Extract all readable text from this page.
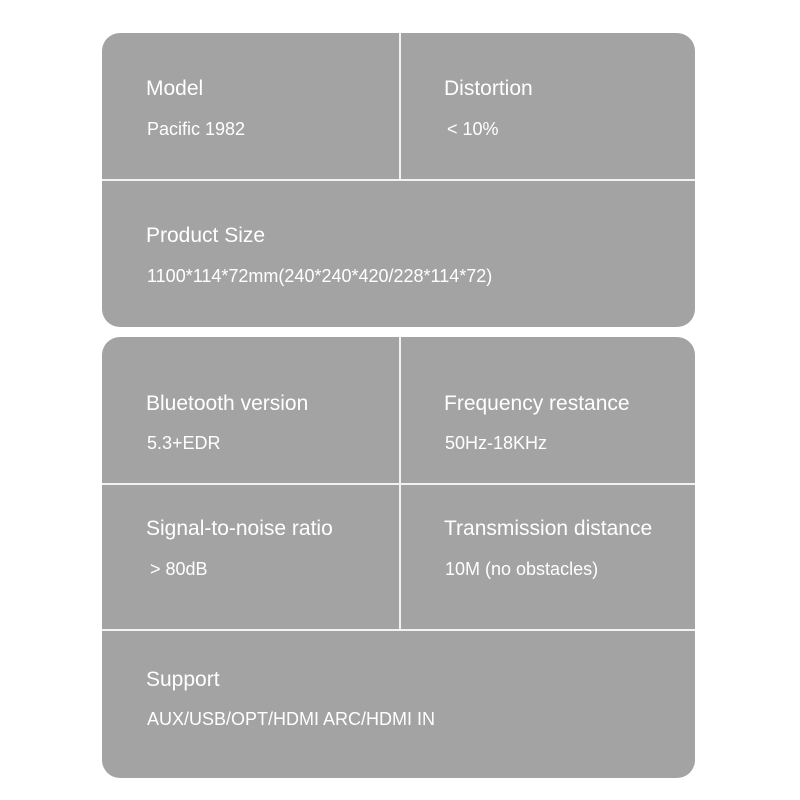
Model
Pacific 1982
Distortion
< 10%
Product Size
1100*114*72mm(240*240*420/228*114*72)
Bluetooth version
5.3+EDR
Frequency restance
50Hz-18KHz
Signal-to-noise ratio
> 80dB
Transmission distance
10M (no obstacles)
Support
AUX/USB/OPT/HDMI ARC/HDMI IN
